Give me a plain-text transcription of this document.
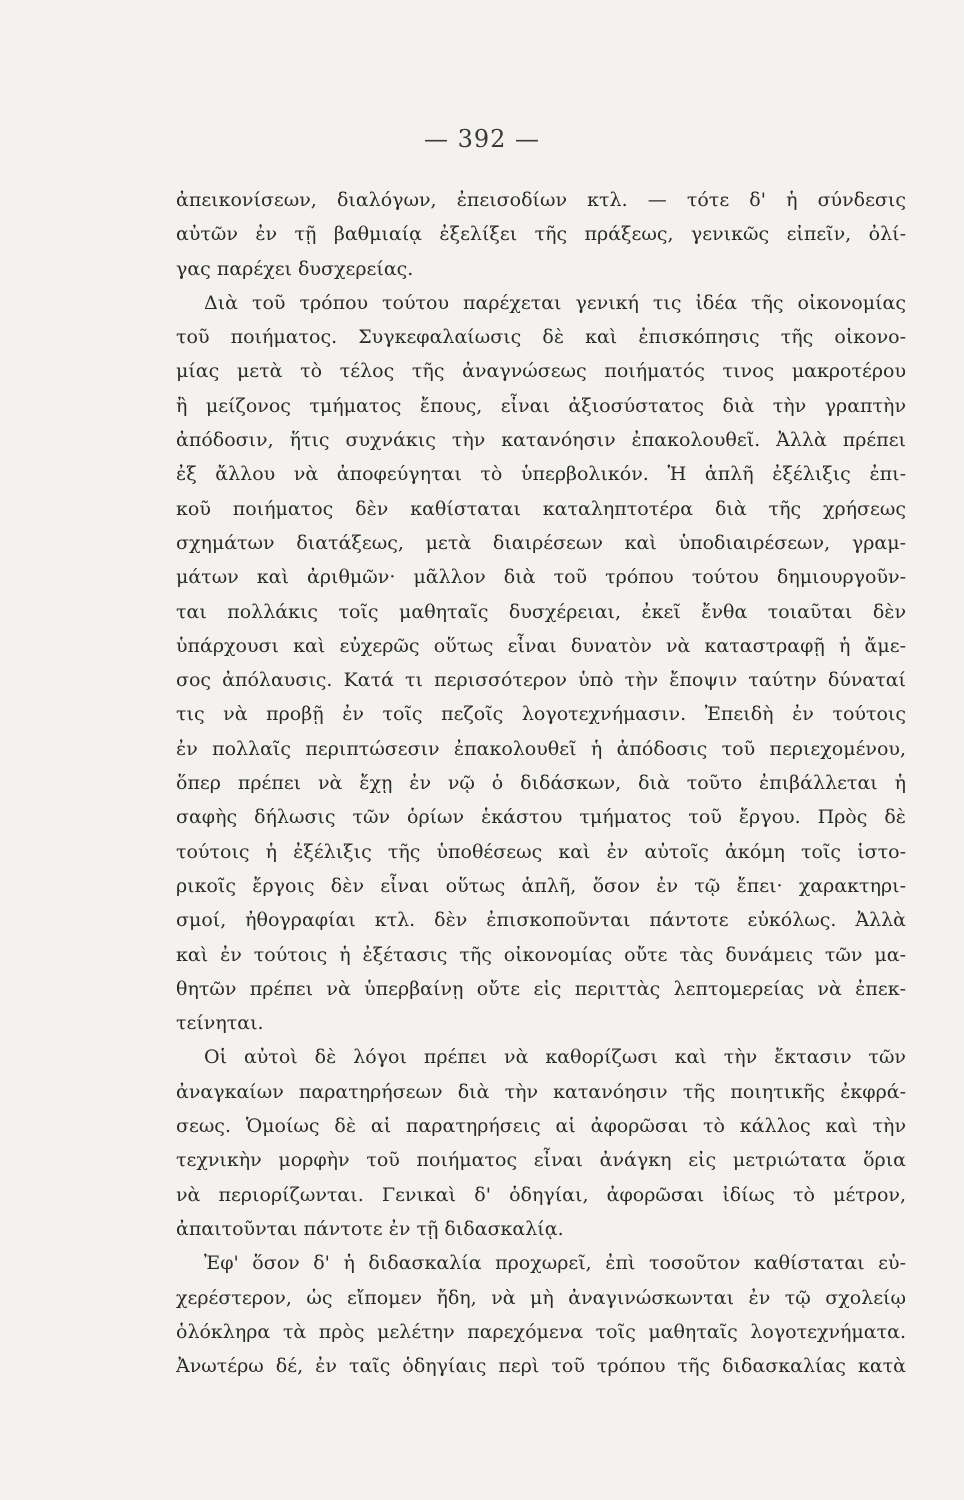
— 392 —
ἀπεικονίσεων, διαλόγων, ἐπεισοδίων κτλ. — τότε δ' ἡ σύνδεσις
αὐτῶν ἐν τῇ βαθμιαίᾳ ἐξελίξει τῆς πράξεως, γενικῶς εἰπεῖν, ὀλί-
γας παρέχει δυσχερείας.
Διὰ τοῦ τρόπου τούτου παρέχεται γενική τις ἰδέα τῆς οἰκονομίας
τοῦ ποιήματος. Συγκεφαλαίωσις δὲ καὶ ἐπισκόπησις τῆς οἰκονο-
μίας μετὰ τὸ τέλος τῆς ἀναγνώσεως ποιήματός τινος μακροτέρου
ἢ μείζονος τμήματος ἔπους, εἶναι ἀξιοσύστατος διὰ τὴν γραπτὴν
ἀπόδοσιν, ἥτις συχνάκις τὴν κατανόησιν ἐπακολουθεῖ. Ἀλλὰ πρέπει
ἐξ ἄλλου νὰ ἀποφεύγηται τὸ ὑπερβολικόν. Ἡ ἁπλῆ ἐξέλιξις ἐπι-
κοῦ ποιήματος δὲν καθίσταται καταληπτοτέρα διὰ τῆς χρήσεως
σχημάτων διατάξεως, μετὰ διαιρέσεων καὶ ὑποδιαιρέσεων, γραμ-
μάτων καὶ ἀριθμῶν· μᾶλλον διὰ τοῦ τρόπου τούτου δημιουργοῦν-
ται πολλάκις τοῖς μαθηταῖς δυσχέρειαι, ἐκεῖ ἔνθα τοιαῦται δὲν
ὑπάρχουσι καὶ εὐχερῶς οὕτως εἶναι δυνατὸν νὰ καταστραφῇ ἡ ἄμε-
σος ἀπόλαυσις. Κατά τι περισσότερον ὑπὸ τὴν ἔποψιν ταύτην δύναταί
τις νὰ προβῇ ἐν τοῖς πεζοῖς λογοτεχνήμασιν. Ἐπειδὴ ἐν τούτοις
ἐν πολλαῖς περιπτώσεσιν ἐπακολουθεῖ ἡ ἀπόδοσις τοῦ περιεχομένου,
ὅπερ πρέπει νὰ ἔχῃ ἐν νῷ ὁ διδάσκων, διὰ τοῦτο ἐπιβάλλεται ἡ
σαφὴς δήλωσις τῶν ὁρίων ἑκάστου τμήματος τοῦ ἔργου. Πρὸς δὲ
τούτοις ἡ ἐξέλιξις τῆς ὑποθέσεως καὶ ἐν αὐτοῖς ἀκόμη τοῖς ἱστο-
ρικοῖς ἔργοις δὲν εἶναι οὕτως ἁπλῆ, ὅσον ἐν τῷ ἔπει· χαρακτηρι-
σμοί, ἠθογραφίαι κτλ. δὲν ἐπισκοποῦνται πάντοτε εὐκόλως. Ἀλλὰ
καὶ ἐν τούτοις ἡ ἐξέτασις τῆς οἰκονομίας οὔτε τὰς δυνάμεις τῶν μα-
θητῶν πρέπει νὰ ὑπερβαίνῃ οὔτε εἰς περιττὰς λεπτομερείας νὰ ἐπεκ-
τείνηται.
Οἱ αὐτοὶ δὲ λόγοι πρέπει νὰ καθορίζωσι καὶ τὴν ἔκτασιν τῶν
ἀναγκαίων παρατηρήσεων διὰ τὴν κατανόησιν τῆς ποιητικῆς ἐκφρά-
σεως. Ὁμοίως δὲ αἱ παρατηρήσεις αἱ ἀφορῶσαι τὸ κάλλος καὶ τὴν
τεχνικὴν μορφὴν τοῦ ποιήματος εἶναι ἀνάγκη εἰς μετριώτατα ὅρια
νὰ περιορίζωνται. Γενικαὶ δ' ὁδηγίαι, ἀφορῶσαι ἰδίως τὸ μέτρον,
ἀπαιτοῦνται πάντοτε ἐν τῇ διδασκαλίᾳ.
Ἐφ' ὅσον δ' ἡ διδασκαλία προχωρεῖ, ἐπὶ τοσοῦτον καθίσταται εὐ-
χερέστερον, ὡς εἴπομεν ἤδη, νὰ μὴ ἀναγινώσκωνται ἐν τῷ σχολείῳ
ὁλόκληρα τὰ πρὸς μελέτην παρεχόμενα τοῖς μαθηταῖς λογοτεχνήματα.
Ἀνωτέρω δέ, ἐν ταῖς ὁδηγίαις περὶ τοῦ τρόπου τῆς διδασκαλίας κατὰ
